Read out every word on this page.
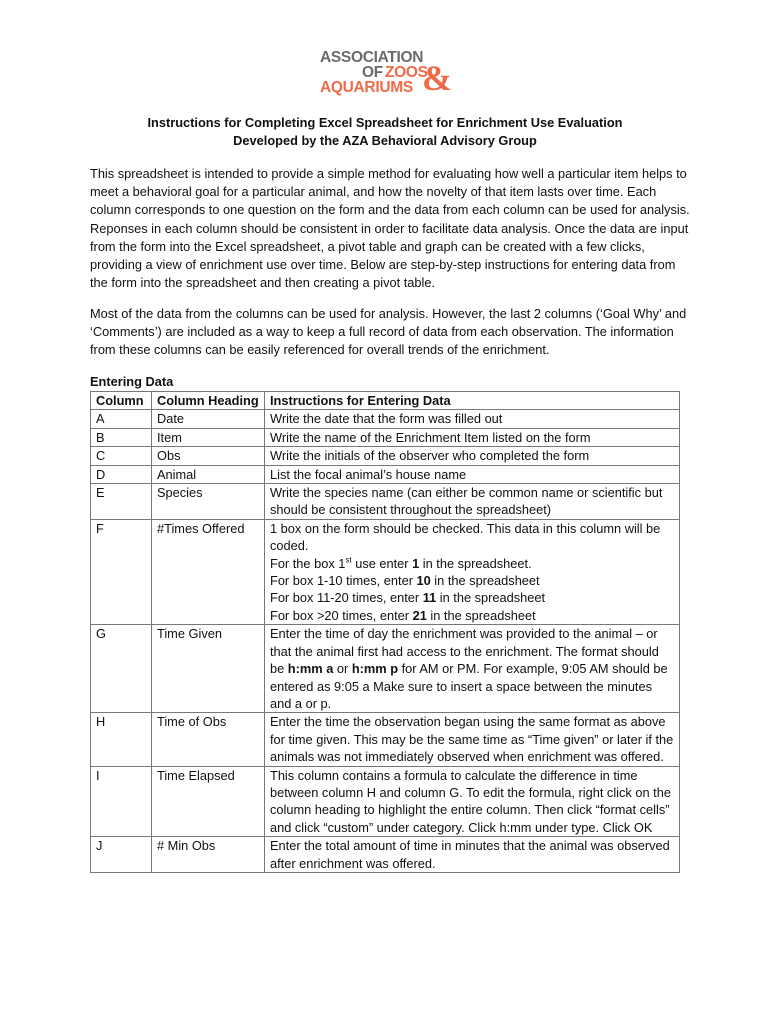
ASSOCIATION
OF ZOOS
AQUARIUMS &
Instructions for Completing Excel Spreadsheet for Enrichment Use Evaluation
Developed by the AZA Behavioral Advisory Group

This spreadsheet is intended to provide a simple method for evaluating how well a particular item helps to meet a behavioral goal for a particular animal, and how the novelty of that item lasts over time. Each column corresponds to one question on the form and the data from each column can be used for analysis. Reponses in each column should be consistent in order to facilitate data analysis. Once the data are input from the form into the Excel spreadsheet, a pivot table and graph can be created with a few clicks, providing a view of enrichment use over time. Below are step-by-step instructions for entering data from the form into the spreadsheet and then creating a pivot table.

Most of the data from the columns can be used for analysis. However, the last 2 columns (‘Goal Why’ and ‘Comments’) are included as a way to keep a full record of data from each observation. The information from these columns can be easily referenced for overall trends of the enrichment.

Entering Data
Column	Column Heading	Instructions for Entering Data
A	Date	Write the date that the form was filled out
B	Item	Write the name of the Enrichment Item listed on the form
C	Obs	Write the initials of the observer who completed the form
D	Animal	List the focal animal’s house name
E	Species	Write the species name (can either be common name or scientific but should be consistent throughout the spreadsheet)
F	#Times Offered	1 box on the form should be checked. This data in this column will be coded.
For the box 1st use enter 1 in the spreadsheet.
For box 1-10 times, enter 10 in the spreadsheet
For box 11-20 times, enter 11 in the spreadsheet
For box >20 times, enter 21 in the spreadsheet

G	Time Given	Enter the time of day the enrichment was provided to the animal – or that the animal first had access to the enrichment. The format should be h:mm a or h:mm p for AM or PM. For example, 9:05 AM should be entered as 9:05 a Make sure to insert a space between the minutes and a or p.
H	Time of Obs	Enter the time the observation began using the same format as above for time given. This may be the same time as “Time given” or later if the animals was not immediately observed when enrichment was offered.
I	Time Elapsed	This column contains a formula to calculate the difference in time between column H and column G. To edit the formula, right click on the column heading to highlight the entire column. Then click “format cells” and click “custom” under category. Click h:mm under type. Click OK
J	# Min Obs	Enter the total amount of time in minutes that the animal was observed after enrichment was offered.
